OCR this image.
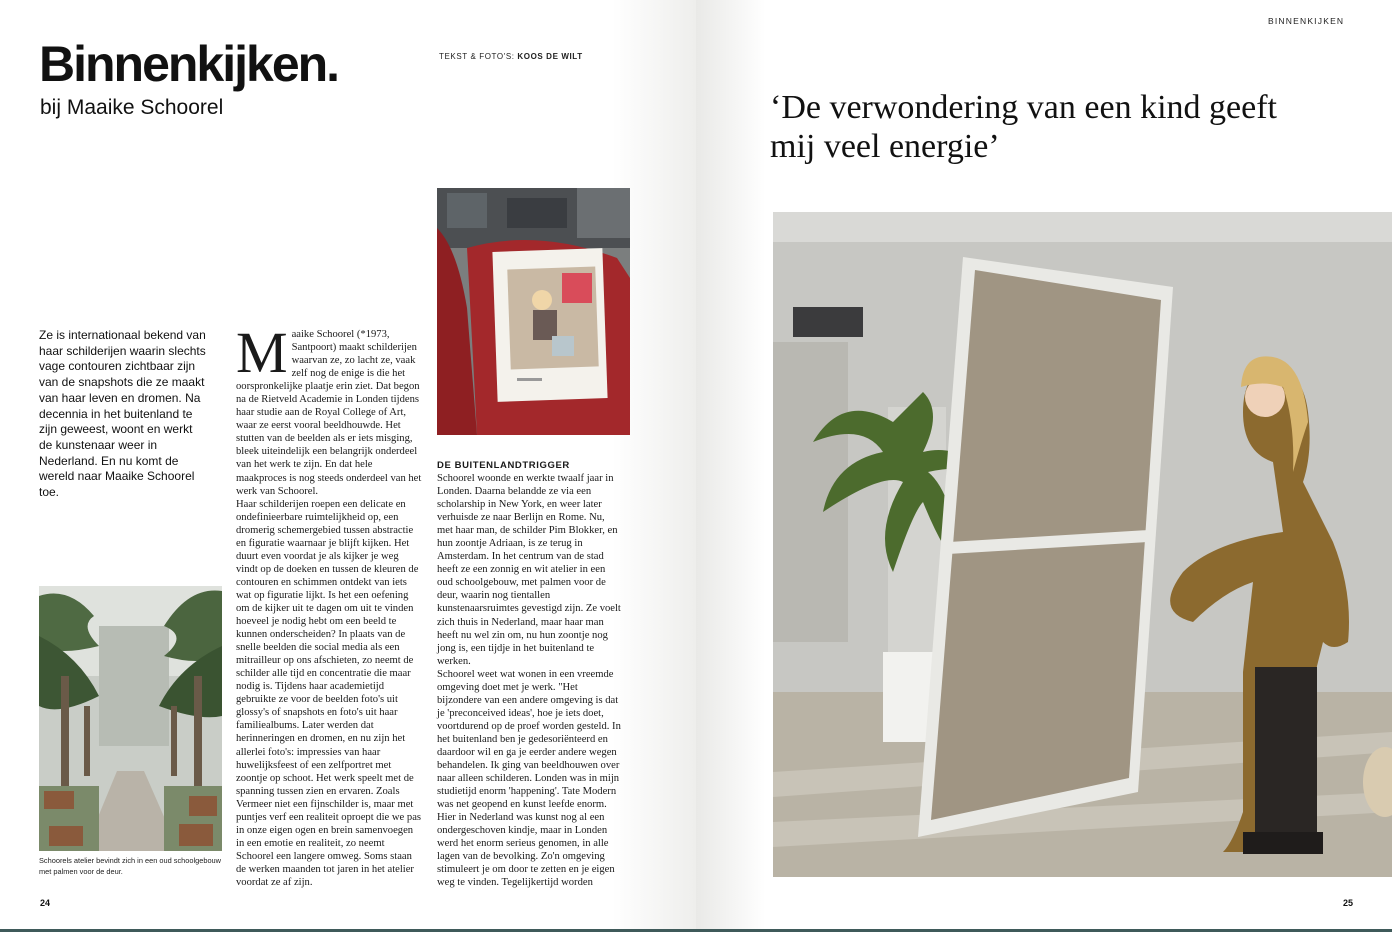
Binnenkijken.
bij Maaike Schoorel
TEKST & FOTO'S: KOOS DE WILT
Ze is internationaal bekend van haar schilderijen waarin slechts vage contouren zichtbaar zijn van de snapshots die ze maakt van haar leven en dromen. Na decennia in het buitenland te zijn geweest, woont en werkt de kunstenaar weer in Nederland. En nu komt de wereld naar Maaike Schoorel toe.
M aaike Schoorel (*1973, Santpoort) maakt schilderijen waarvan ze, zo lacht ze, vaak zelf nog de enige is die het oorspronkelijke plaatje erin ziet. Dat begon na de Rietveld Academie in Londen tijdens haar studie aan de Royal College of Art, waar ze eerst vooral beeldhouwde. Het stutten van de beelden als er iets misging, bleek uiteindelijk een belangrijk onderdeel van het werk te zijn. En dat hele maakproces is nog steeds onderdeel van het werk van Schoorel.

Haar schilderijen roepen een delicate en ondefinieerbare ruimtelijkheid op, een dromerig schemergebied tussen abstractie en figuratie waarnaar je blijft kijken. Het duurt even voordat je als kijker je weg vindt op de doeken en tussen de kleuren de contouren en schimmen ontdekt van iets wat op figuratie lijkt. Is het een oefening om de kijker uit te dagen om uit te vinden hoeveel je nodig hebt om een beeld te kunnen onderscheiden? In plaats van de snelle beelden die social media als een mitrailleur op ons afschieten, zo neemt de schilder alle tijd en concentratie die maar nodig is. Tijdens haar academietijd gebruikte ze voor de beelden foto's uit glossy's of snapshots en foto's uit haar familiealbums. Later werden dat herinneringen en dromen, en nu zijn het allerlei foto's: impressies van haar huwelijksfeest of een zelfportret met zoontje op schoot. Het werk speelt met de spanning tussen zien en ervaren. Zoals Vermeer niet een fijnschilder is, maar met puntjes verf een realiteit oproept die we pas in onze eigen ogen en brein samenvoegen in een emotie en realiteit, zo neemt Schoorel een langere omweg. Soms staan de werken maanden tot jaren in het atelier voordat ze af zijn.

DE BUITENLANDTRIGGER

Schoorel woonde en werkte twaalf jaar in Londen. Daarna belandde ze via een scholarship in New York, en weer later verhuisde ze naar Berlijn en Rome. Nu, met haar man, de schilder Pim Blokker, en hun zoontje Adriaan, is ze terug in Amsterdam. In het centrum van de stad heeft ze een zonnig en wit atelier in een oud schoolgebouw, met palmen voor de deur, waarin nog tientallen kunstenaarsruimtes gevestigd zijn. Ze voelt zich thuis in Nederland, maar haar man heeft nu wel zin om, nu hun zoontje nog jong is, een tijdje in het buitenland te werken.

Schoorel weet wat wonen in een vreemde omgeving doet met je werk. "Het bijzondere van een andere omgeving is dat je 'preconceived ideas', hoe je iets doet, voortdurend op de proef worden gesteld. In het buitenland ben je gedesoriënteerd en daardoor wil en ga je eerder andere wegen behandelen. Ik ging van beeldhouwen over naar alleen schilderen. Londen was in mijn studietijd enorm 'happening'. Tate Modern was net geopend en kunst leefde enorm. Hier in Nederland was kunst nog al een ondergeschoven kindje, maar in Londen werd het enorm serieus genomen, in alle lagen van de bevolking. Zo'n omgeving stimuleert je om door te zetten en je eigen weg te vinden. Tegelijkertijd worden

Schoorels atelier bevindt zich in een oud schoolgebouw met palmen voor de deur.
24
BINNENKIJKEN
‘De verwondering van een kind geeft mij veel energie’
25
